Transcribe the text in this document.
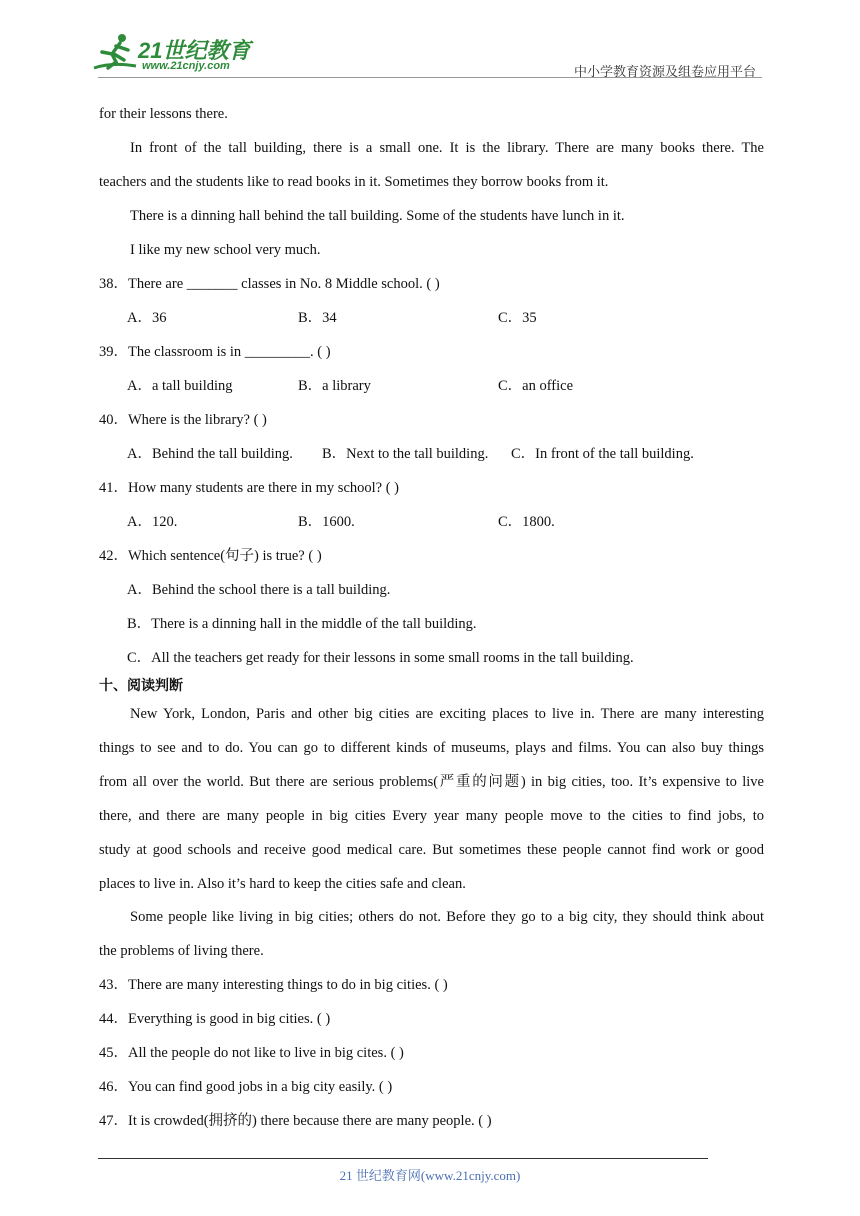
21世纪教育
www.21cnjy.com	中小学教育资源及组卷应用平台
for their lessons there.
In front of the tall building, there is a small one. It is the library. There are many books there. The
teachers and the students like to read books in it. Sometimes they borrow books from it.
There is a dinning hall behind the tall building. Some of the students have lunch in it.
I like my new school very much.
38．There are _______ classes in No. 8 Middle school. ( )
A．36	B．34	C．35
39．The classroom is in _________. ( )
A．a tall building	B．a library	C．an office
40．Where is the library? ( )
A．Behind the tall building. B．Next to the tall building. C．In front of the tall building.
41．How many students are there in my school? ( )
A．120.	B．1600.	C．1800.
42．Which sentence(句子) is true? ( )
A．Behind the school there is a tall building.
B．There is a dinning hall in the middle of the tall building.
C．All the teachers get ready for their lessons in some small rooms in the tall building.
十、阅读判断
New York, London, Paris and other big cities are exciting places to live in. There are many interesting
things to see and to do. You can go to different kinds of museums, plays and films. You can also buy things
from all over the world. But there are serious problems(严重的问题) in big cities, too. It’s expensive to live
there, and there are many people in big cities Every year many people move to the cities to find jobs, to
study at good schools and receive good medical care. But sometimes these people cannot find work or good
places to live in. Also it’s hard to keep the cities safe and clean.
Some people like living in big cities; others do not. Before they go to a big city, they should think about
the problems of living there.
43．There are many interesting things to do in big cities. ( )
44．Everything is good in big cities. ( )
45．All the people do not like to live in big cites. ( )
46．You can find good jobs in a big city easily. ( )
47．It is crowded(拥挤的) there because there are many people. ( )
21 世纪教育网(www.21cnjy.com)
